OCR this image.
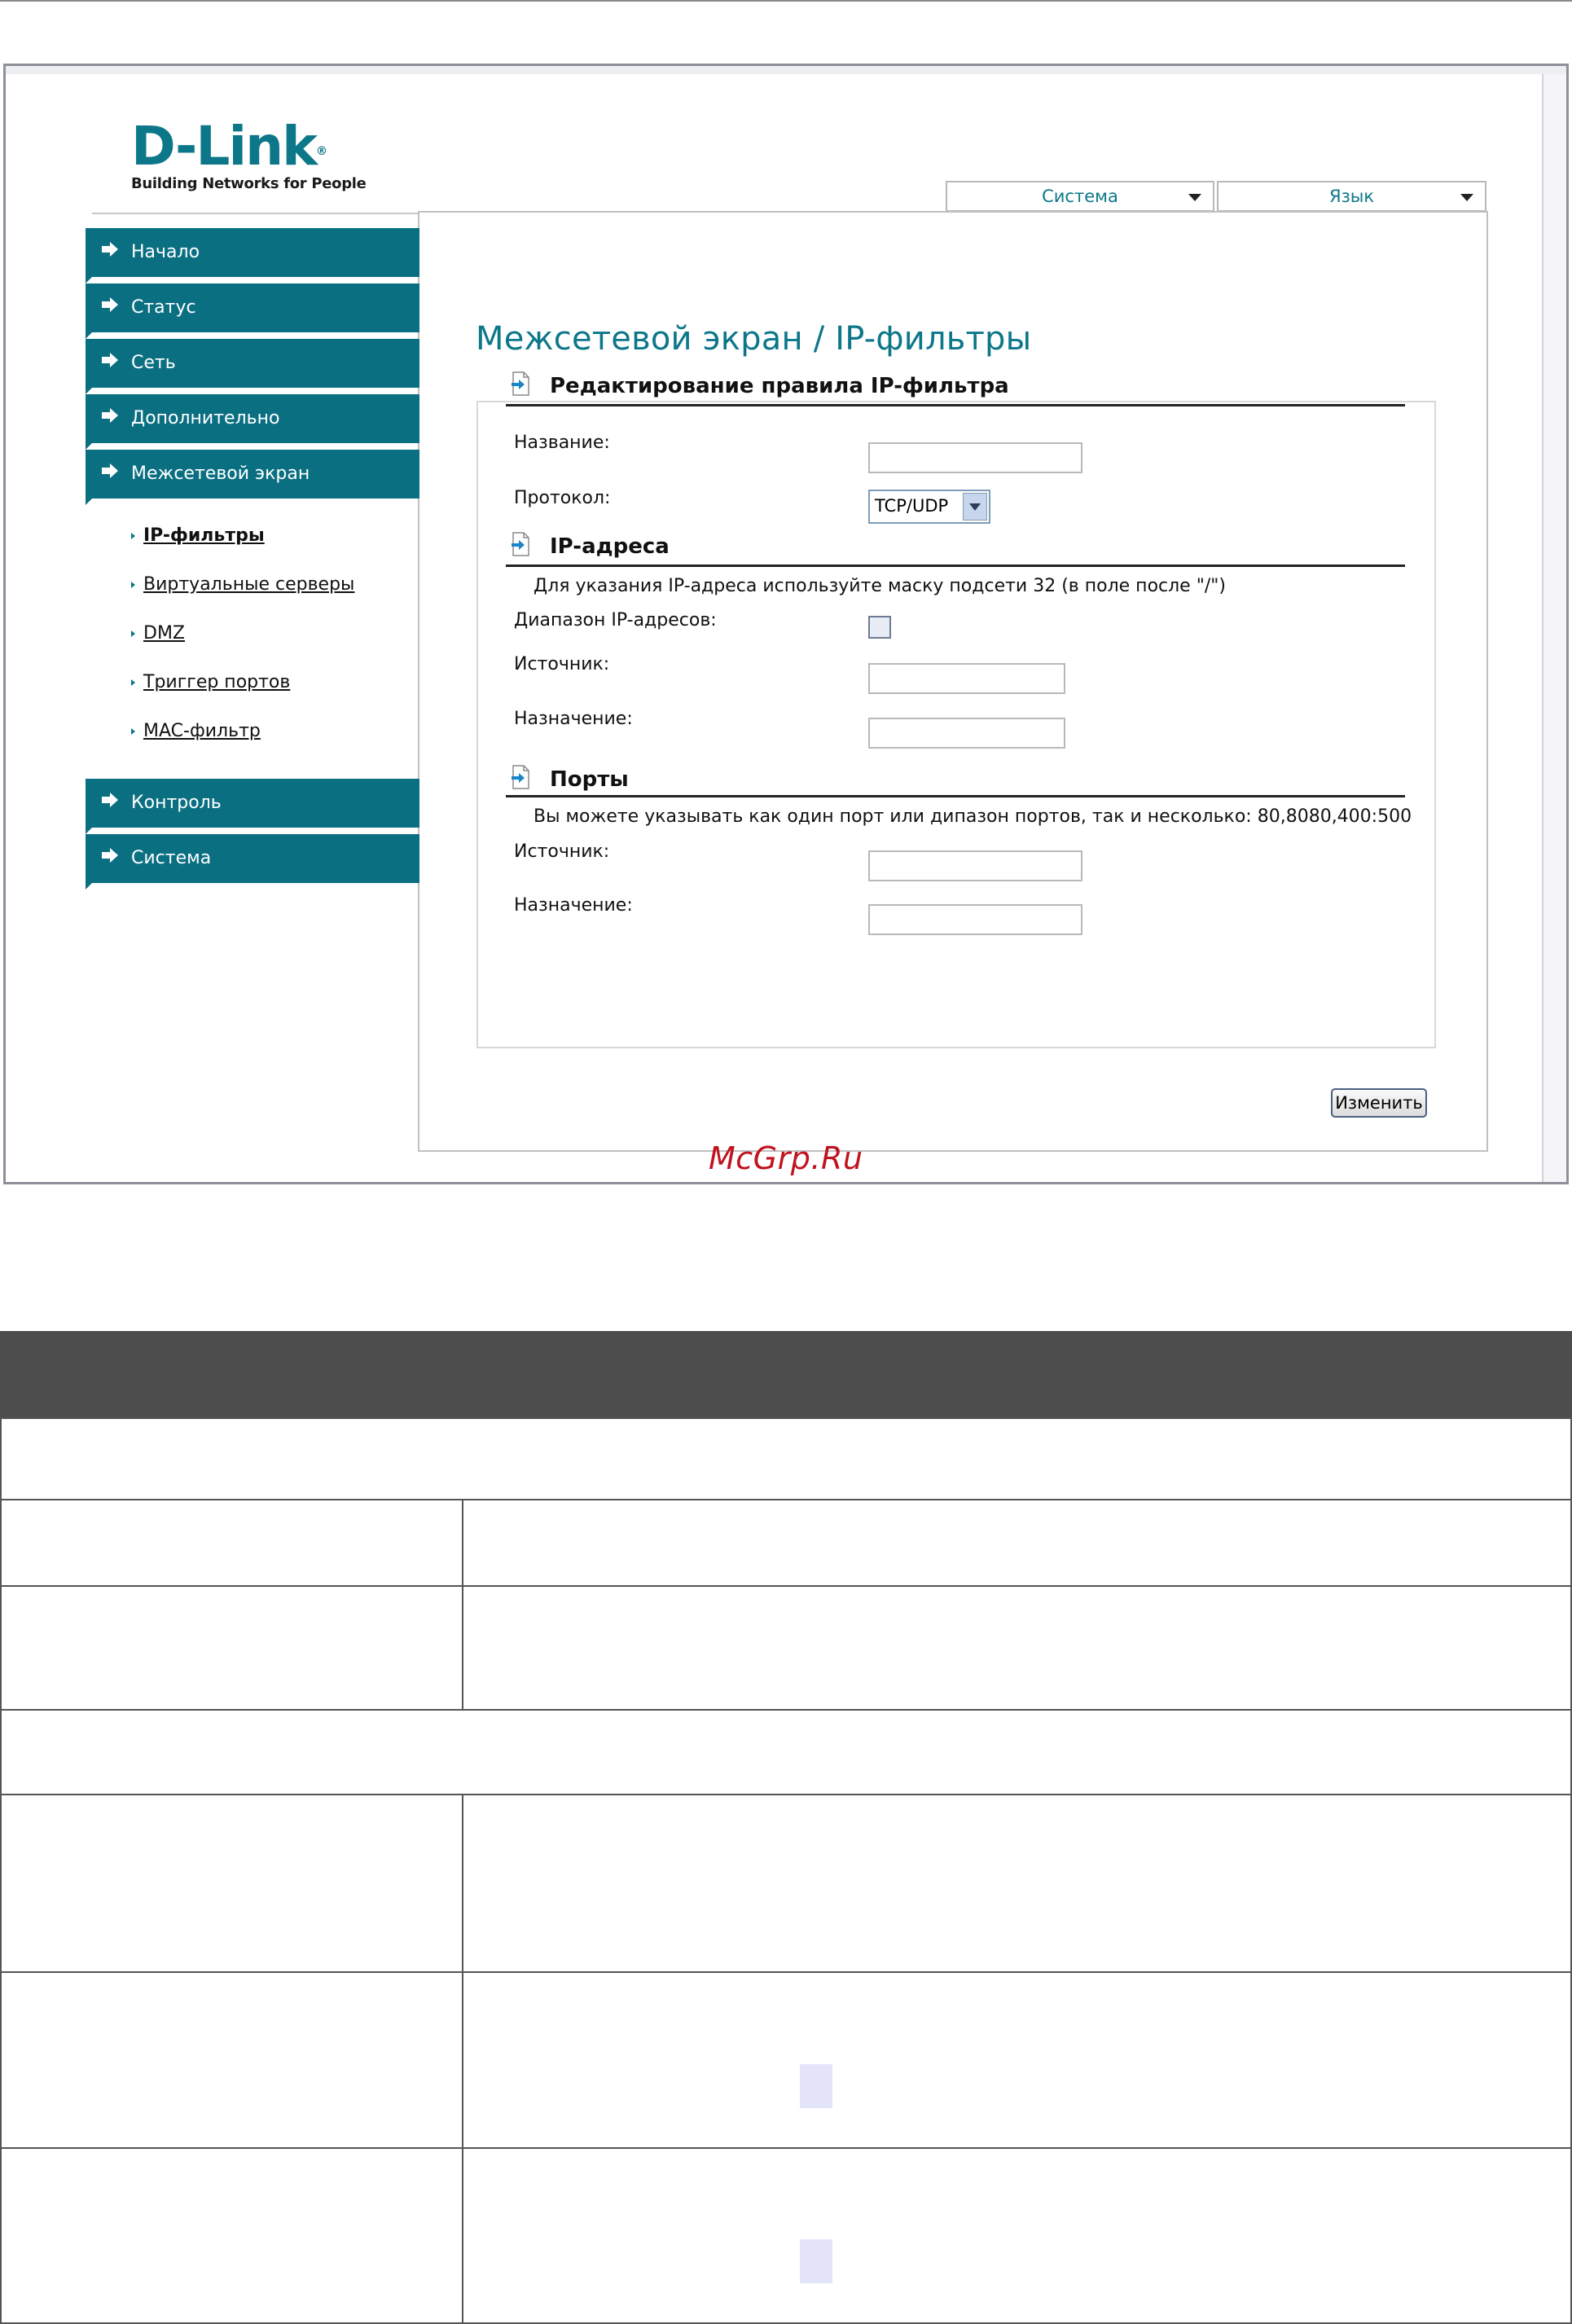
D-Link®
Building Networks for People
Система	Язык
Начало
Статус
Сеть
Дополнительно
Межсетевой экран
IP-фильтры
Виртуальные серверы
DMZ
Триггер портов
MAC-фильтр
Контроль
Система
Межсетевой экран / IP-фильтры
Редактирование правила IP-фильтра
Название:
Протокол:	TCP/UDP
IP-адреса
Для указания IP-адреса используйте маску подсети 32 (в поле после "/")
Диапазон IP-адресов:
Источник:
Назначение:
Порты
Вы можете указывать как один порт или дипазон портов, так и несколько: 80,8080,400:500
Источник:
Назначение:
Изменить
McGrp.Ru
